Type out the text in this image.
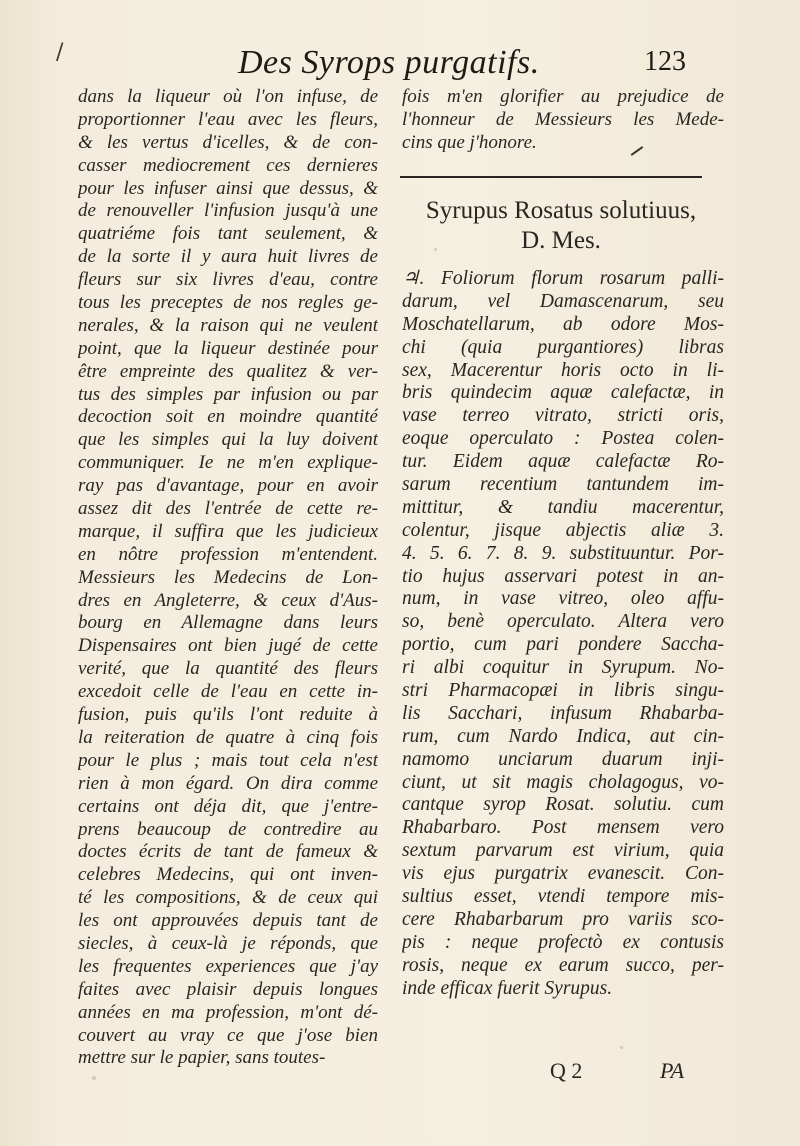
/	Des Syrops purgatifs.	123
dans la liqueur où l'on infuse, de
proportionner l'eau avec les fleurs,
& les vertus d'icelles, & de con-
casser mediocrement ces dernieres
pour les infuser ainsi que dessus, &
de renouveller l'infusion jusqu'à une
quatriéme fois tant seulement, &
de la sorte il y aura huit livres de
fleurs sur six livres d'eau, contre
tous les preceptes de nos regles ge-
nerales, & la raison qui ne veulent
point, que la liqueur destinée pour
être empreinte des qualitez & ver-
tus des simples par infusion ou par
decoction soit en moindre quantité
que les simples qui la luy doivent
communiquer. Ie ne m'en explique-
ray pas d'avantage, pour en avoir
assez dit des l'entrée de cette re-
marque, il suffira que les judicieux
en nôtre profession m'entendent.
Messieurs les Medecins de Lon-
dres en Angleterre, & ceux d'Aus-
bourg en Allemagne dans leurs
Dispensaires ont bien jugé de cette
verité, que la quantité des fleurs
excedoit celle de l'eau en cette in-
fusion, puis qu'ils l'ont reduite à
la reiteration de quatre à cinq fois
pour le plus ; mais tout cela n'est
rien à mon égard. On dira comme
certains ont déja dit, que j'entre-
prens beaucoup de contredire au
doctes écrits de tant de fameux &
celebres Medecins, qui ont inven-
té les compositions, & de ceux qui
les ont approuvées depuis tant de
siecles, à ceux-là je réponds, que
les frequentes experiences que j'ay
faites avec plaisir depuis longues
années en ma profession, m'ont dé-
couvert au vray ce que j'ose bien
mettre sur le papier, sans toutes-
fois m'en glorifier au prejudice de
l'honneur de Messieurs les Mede-
cins que j'honore.
Syrupus Rosatus solutiuus,
D. Mes.
♃. Foliorum florum rosarum palli-
darum, vel Damascenarum, seu
Moschatellarum, ab odore Mos-
chi (quia purgantiores) libras
sex, Macerentur horis octo in li-
bris quindecim aquæ calefactæ, in
vase terreo vitrato, stricti oris,
eoque operculato : Postea colen-
tur. Eidem aquæ calefactæ Ro-
sarum recentium tantundem im-
mittitur, & tandiu macerentur,
colentur, jisque abjectis aliæ 3.
4. 5. 6. 7. 8. 9. substituuntur. Por-
tio hujus asservari potest in an-
num, in vase vitreo, oleo affu-
so, benè operculato. Altera vero
portio, cum pari pondere Saccha-
ri albi coquitur in Syrupum. No-
stri Pharmacopæi in libris singu-
lis Sacchari, infusum Rhabarba-
rum, cum Nardo Indica, aut cin-
namomo unciarum duarum inji-
ciunt, ut sit magis cholagogus, vo-
cantque syrop Rosat. solutiu. cum
Rhabarbaro. Post mensem vero
sextum parvarum est virium, quia
vis ejus purgatrix evanescit. Con-
sultius esset, vtendi tempore mis-
cere Rhabarbarum pro variis sco-
pis : neque profectò ex contusis
rosis, neque ex earum succo, per-
inde efficax fuerit Syrupus.
Q 2	PA
